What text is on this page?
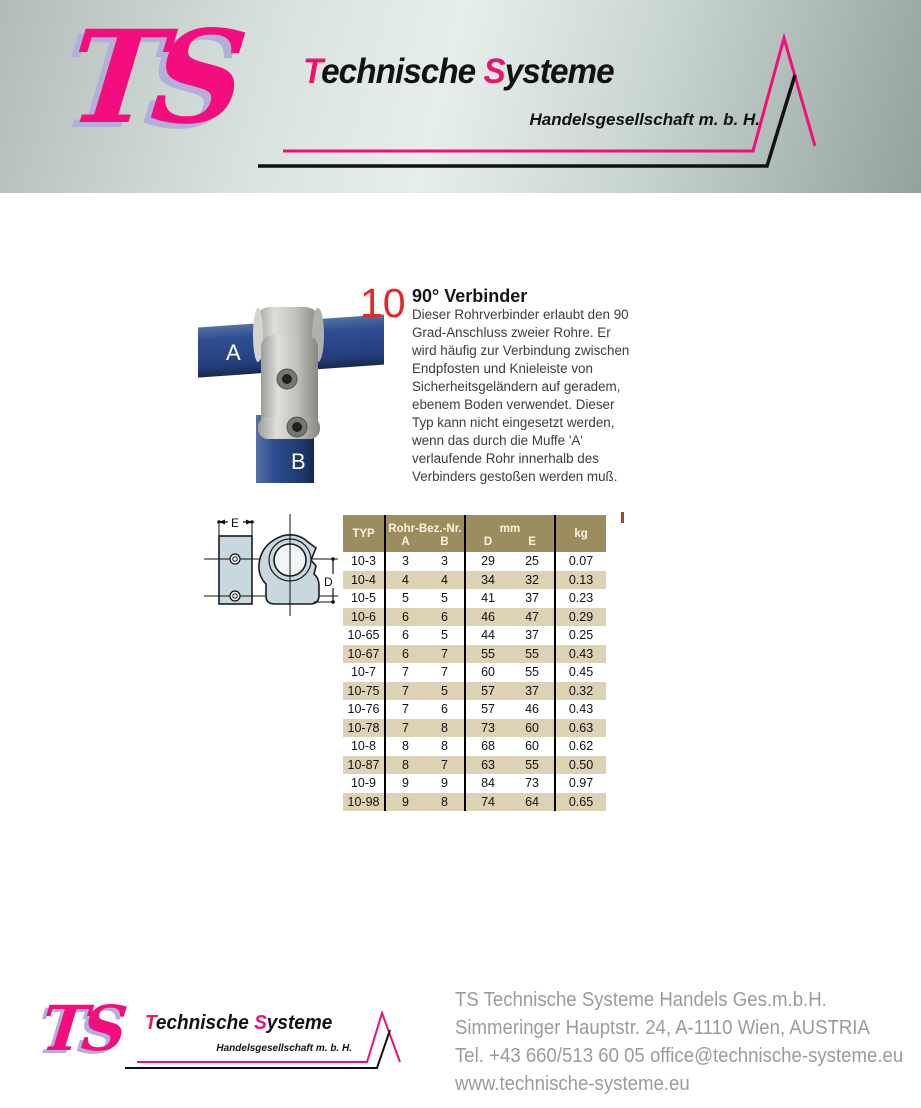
TS Technische Systeme
Handelsgesellschaft m. b. H.
A
B
10 90° Verbinder

Dieser Rohrverbinder erlaubt den 90 Grad-Anschluss zweier Rohre. Er wird häufig zur Verbindung zwischen Endpfosten und Knieleiste von Sicherheitsgeländern auf geradem, ebenem Boden verwendet. Dieser Typ kann nicht eingesetzt werden, wenn das durch die Muffe 'A' verlaufende Rohr innerhalb des Verbinders gestoßen werden muß.

E
D
TYP	Rohr-Bez.-Nr.		mm		kg
	A	B	D	E	
10-3	3	3	29	25	0.07
10-4	4	4	34	32	0.13
10-5	5	5	41	37	0.23
10-6	6	6	46	47	0.29
10-65	6	5	44	37	0.25
10-67	6	7	55	55	0.43
10-7	7	7	60	55	0.45
10-75	7	5	57	37	0.32
10-76	7	6	57	46	0.43
10-78	7	8	73	60	0.63
10-8	8	8	68	60	0.62
10-87	8	7	63	55	0.50
10-9	9	9	84	73	0.97
10-98	9	8	74	64	0.65
TS Technische Systeme
Handelsgesellschaft m. b. H.
TS Technische Systeme Handels Ges.m.b.H.
Simmeringer Hauptstr. 24, A-1110 Wien, AUSTRIA
Tel. +43 660/513 60 05 office@technische-systeme.eu
www.technische-systeme.eu
